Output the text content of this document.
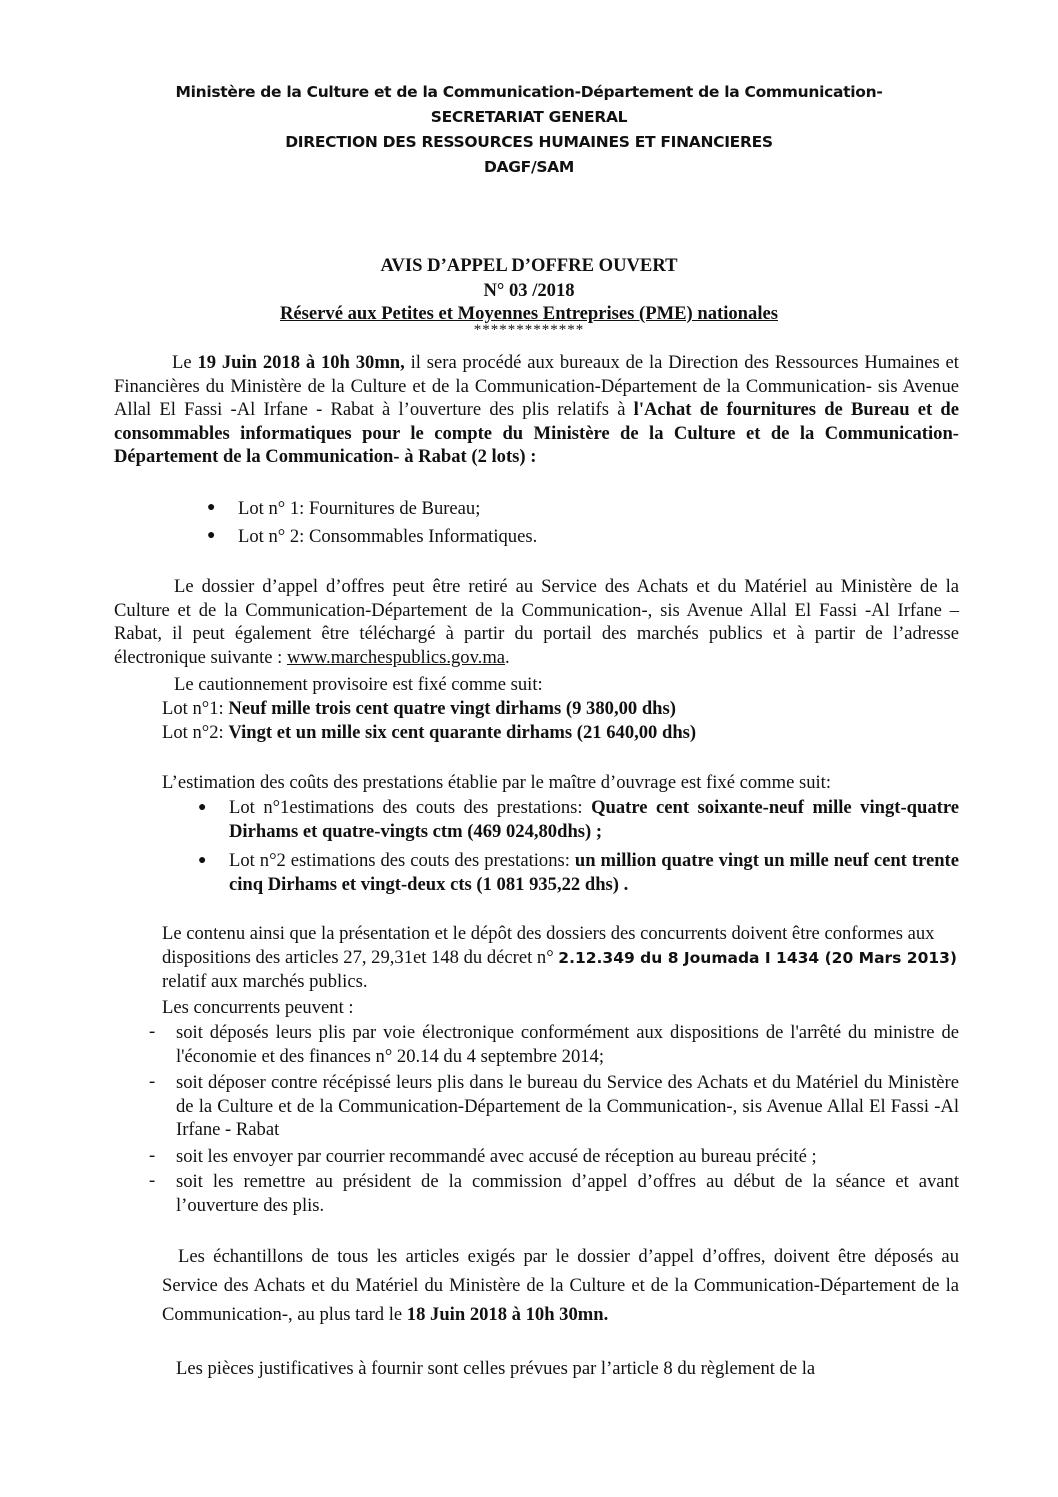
Ministère de la Culture et de la Communication-Département de la Communication-
SECRETARIAT GENERAL
DIRECTION DES RESSOURCES HUMAINES ET FINANCIERES
DAGF/SAM
AVIS D’APPEL D’OFFRE OUVERT
N° 03 /2018
Réservé aux Petites et Moyennes Entreprises (PME) nationales
*************

Le 19 Juin 2018 à 10h 30mn, il sera procédé aux bureaux de la Direction des Ressources Humaines et Financières du Ministère de la Culture et de la Communication-Département de la Communication- sis Avenue Allal El Fassi -Al Irfane - Rabat à l’ouverture des plis relatifs à l'Achat de fournitures de Bureau et de consommables informatiques pour le compte du Ministère de la Culture et de la Communication-Département de la Communication- à Rabat (2 lots) :

● Lot n° 1: Fournitures de Bureau;
● Lot n° 2: Consommables Informatiques.

Le dossier d’appel d’offres peut être retiré au Service des Achats et du Matériel au Ministère de la Culture et de la Communication-Département de la Communication-, sis Avenue Allal El Fassi -Al Irfane – Rabat, il peut également être téléchargé à partir du portail des marchés publics et à partir de l’adresse électronique suivante : www.marchespublics.gov.ma.

Le cautionnement provisoire est fixé comme suit:
Lot n°1: Neuf mille trois cent quatre vingt dirhams (9 380,00 dhs)
Lot n°2: Vingt et un mille six cent quarante dirhams (21 640,00 dhs)
L’estimation des coûts des prestations établie par le maître d’ouvrage est fixé comme suit:
● Lot n°1estimations des couts des prestations: Quatre cent soixante-neuf mille vingt-quatre Dirhams et quatre-vingts ctm (469 024,80dhs) ;

● Lot n°2 estimations des couts des prestations: un million quatre vingt un mille neuf cent trente cinq Dirhams et vingt-deux cts (1 081 935,22 dhs) .

Le contenu ainsi que la présentation et le dépôt des dossiers des concurrents doivent être conformes aux dispositions des articles 27, 29,31et 148 du décret n° 2.12.349 du 8 Joumada I 1434 (20 Mars 2013) relatif aux marchés publics.

Les concurrents peuvent :
- soit déposés leurs plis par voie électronique conformément aux dispositions de l'arrêté du ministre de l'économie et des finances n° 20.14 du 4 septembre 2014;

- soit déposer contre récépissé leurs plis dans le bureau du Service des Achats et du Matériel du Ministère de la Culture et de la Communication-Département de la Communication-, sis Avenue Allal El Fassi -Al Irfane - Rabat

- soit les envoyer par courrier recommandé avec accusé de réception au bureau précité ;

- soit les remettre au président de la commission d’appel d’offres au début de la séance et avant l’ouverture des plis.

Les échantillons de tous les articles exigés par le dossier d’appel d’offres, doivent être déposés au Service des Achats et du Matériel du Ministère de la Culture et de la Communication-Département de la Communication-, au plus tard le 18 Juin 2018 à 10h 30mn.

Les pièces justificatives à fournir sont celles prévues par l’article 8 du règlement de la
